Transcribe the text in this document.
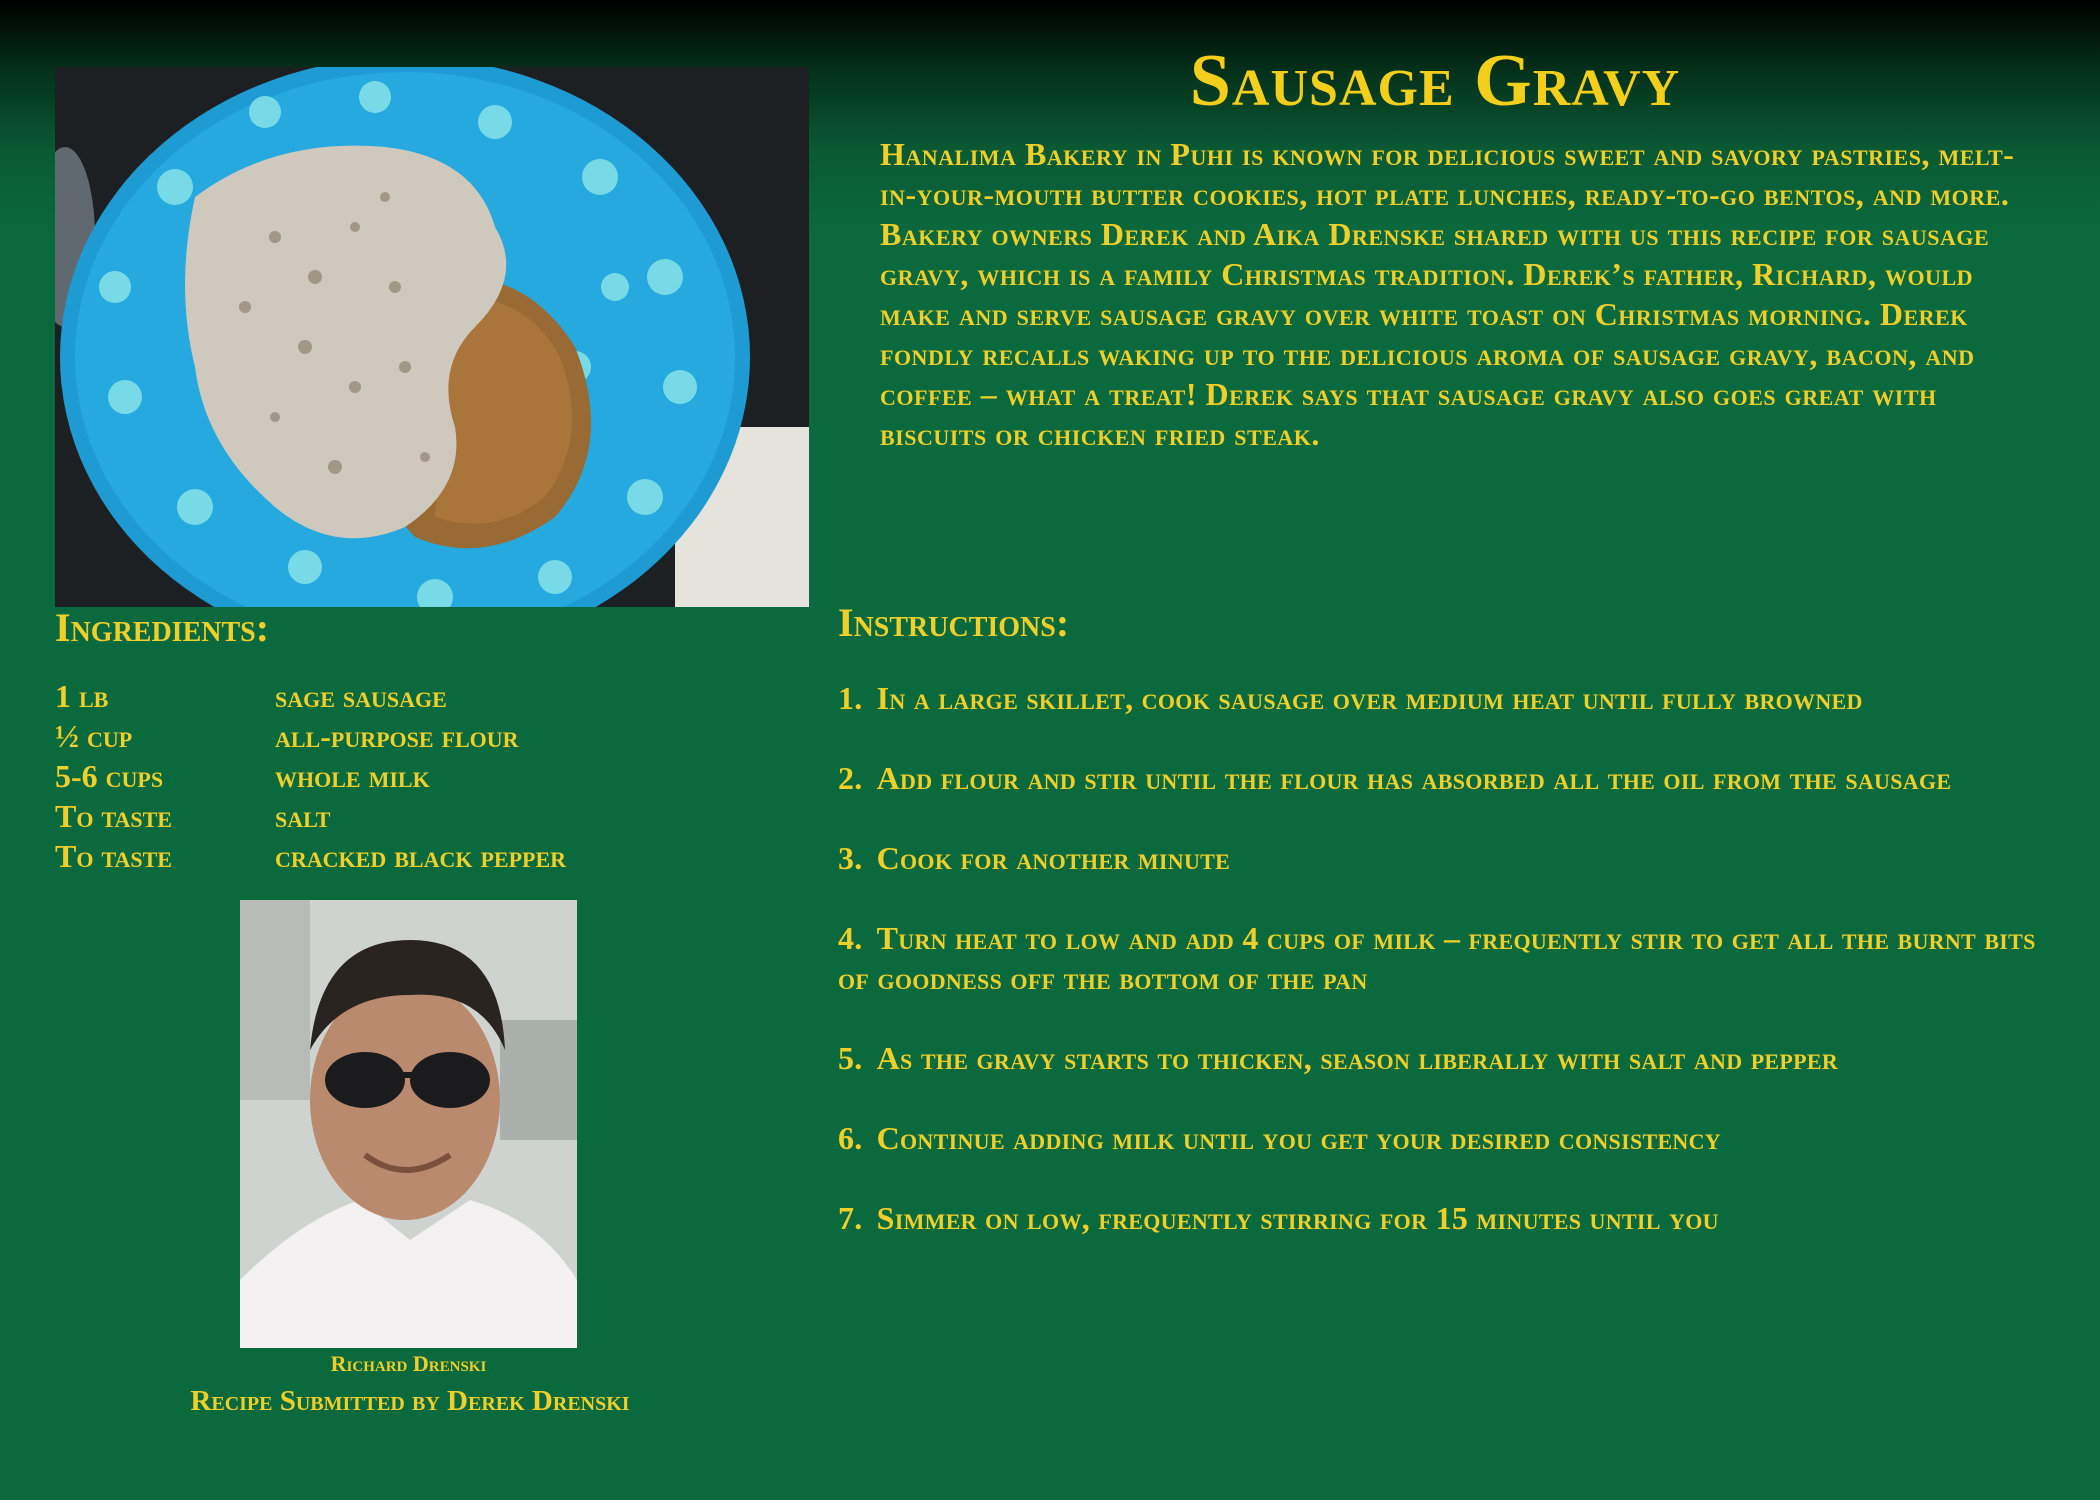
Sausage Gravy

Hanalima Bakery in Puhi is known for delicious sweet and savory pastries, melt-in-your-mouth butter cookies, hot plate lunches, ready-to-go bentos, and more. Bakery owners Derek and Aika Drenske shared with us this recipe for sausage gravy, which is a family Christmas tradition. Derek’s father, Richard, would make and serve sausage gravy over white toast on Christmas morning. Derek fondly recalls waking up to the delicious aroma of sausage gravy, bacon, and coffee – what a treat! Derek says that sausage gravy also goes great with biscuits or chicken fried steak.

Ingredients:
1 lb	sage sausage
½ cup	all-purpose flour
5-6 cups	whole milk
To taste	salt
To taste	cracked black pepper

Richard Drenski

Recipe Submitted by Derek Drenski

Instructions:
1. In a large skillet, cook sausage over medium heat until fully browned
2. Add flour and stir until the flour has absorbed all the oil from the sausage
3. Cook for another minute
4. Turn heat to low and add 4 cups of milk – frequently stir to get all the burnt bits of goodness off the bottom of the pan
5. As the gravy starts to thicken, season liberally with salt and pepper
6. Continue adding milk until you get your desired consistency
7. Simmer on low, frequently stirring for 15 minutes until you
